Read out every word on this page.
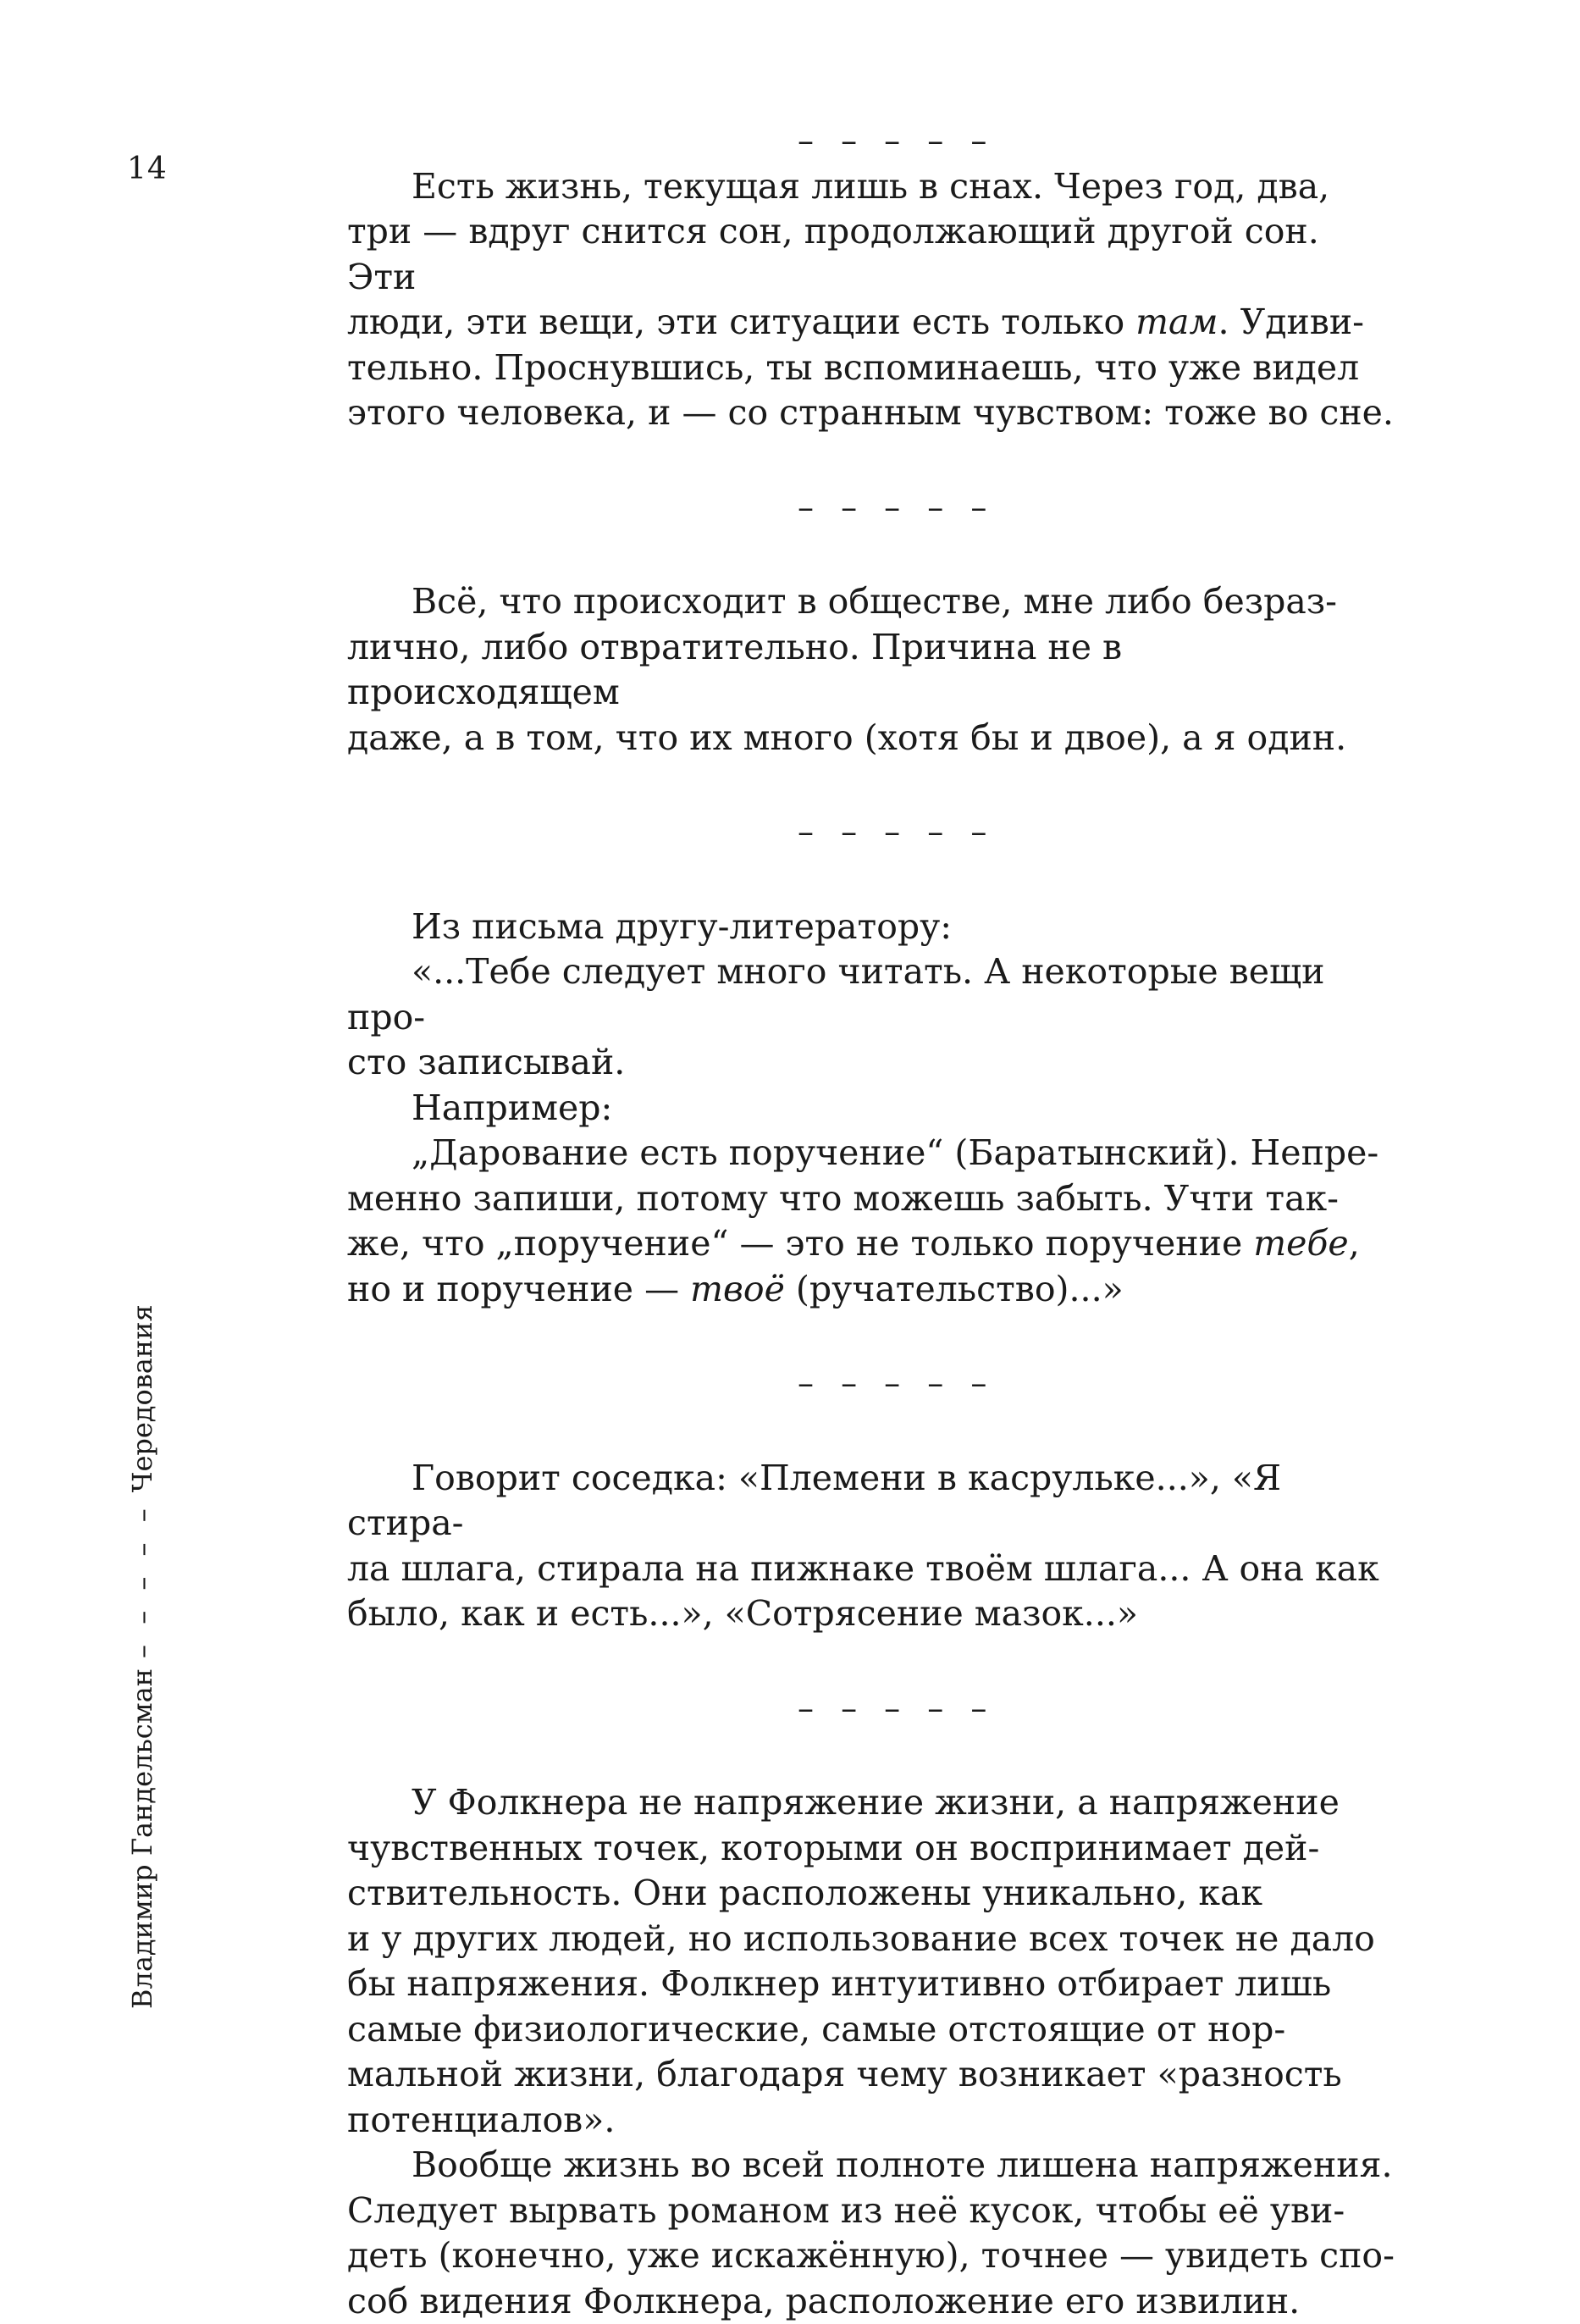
14
Владимир Гандельсман– – – – –Чередования
– – – – –

Есть жизнь, текущая лишь в снах. Через год, два,
три — вдруг снится сон, продолжающий другой сон. Эти
люди, эти вещи, эти ситуации есть только там. Удиви-
тельно. Проснувшись, ты вспоминаешь, что уже видел
этого человека, и — со странным чувством: тоже во сне.

– – – – –

Всё, что происходит в обществе, мне либо безраз-
лично, либо отвратительно. Причина не в происходящем
даже, а в том, что их много (хотя бы и двое), а я один.

– – – – –

Из письма другу-литератору:

«...Тебе следует много читать. А некоторые вещи про-
сто записывай.

Например:

„Дарование есть поручение“ (Баратынский). Непре-
менно запиши, потому что можешь забыть. Учти так-
же, что „поручение“ — это не только поручение тебе,
но и поручение — твоё (ручательство)...»

– – – – –

Говорит соседка: «Племени в касрульке...», «Я стира-
ла шлага, стирала на пижнаке твоём шлага... А она как
было, как и есть...», «Сотрясение мазок...»

– – – – –

У Фолкнера не напряжение жизни, а напряжение
чувственных точек, которыми он воспринимает дей-
ствительность. Они расположены уникально, как
и у других людей, но использование всех точек не дало
бы напряжения. Фолкнер интуитивно отбирает лишь
самые физиологические, самые отстоящие от нор-
мальной жизни, благодаря чему возникает «разность
потенциалов».

Вообще жизнь во всей полноте лишена напряжения.
Следует вырвать романом из неё кусок, чтобы её уви-
деть (конечно, уже искажённую), точнее — увидеть спо-
соб видения Фолкнера, расположение его извилин.
